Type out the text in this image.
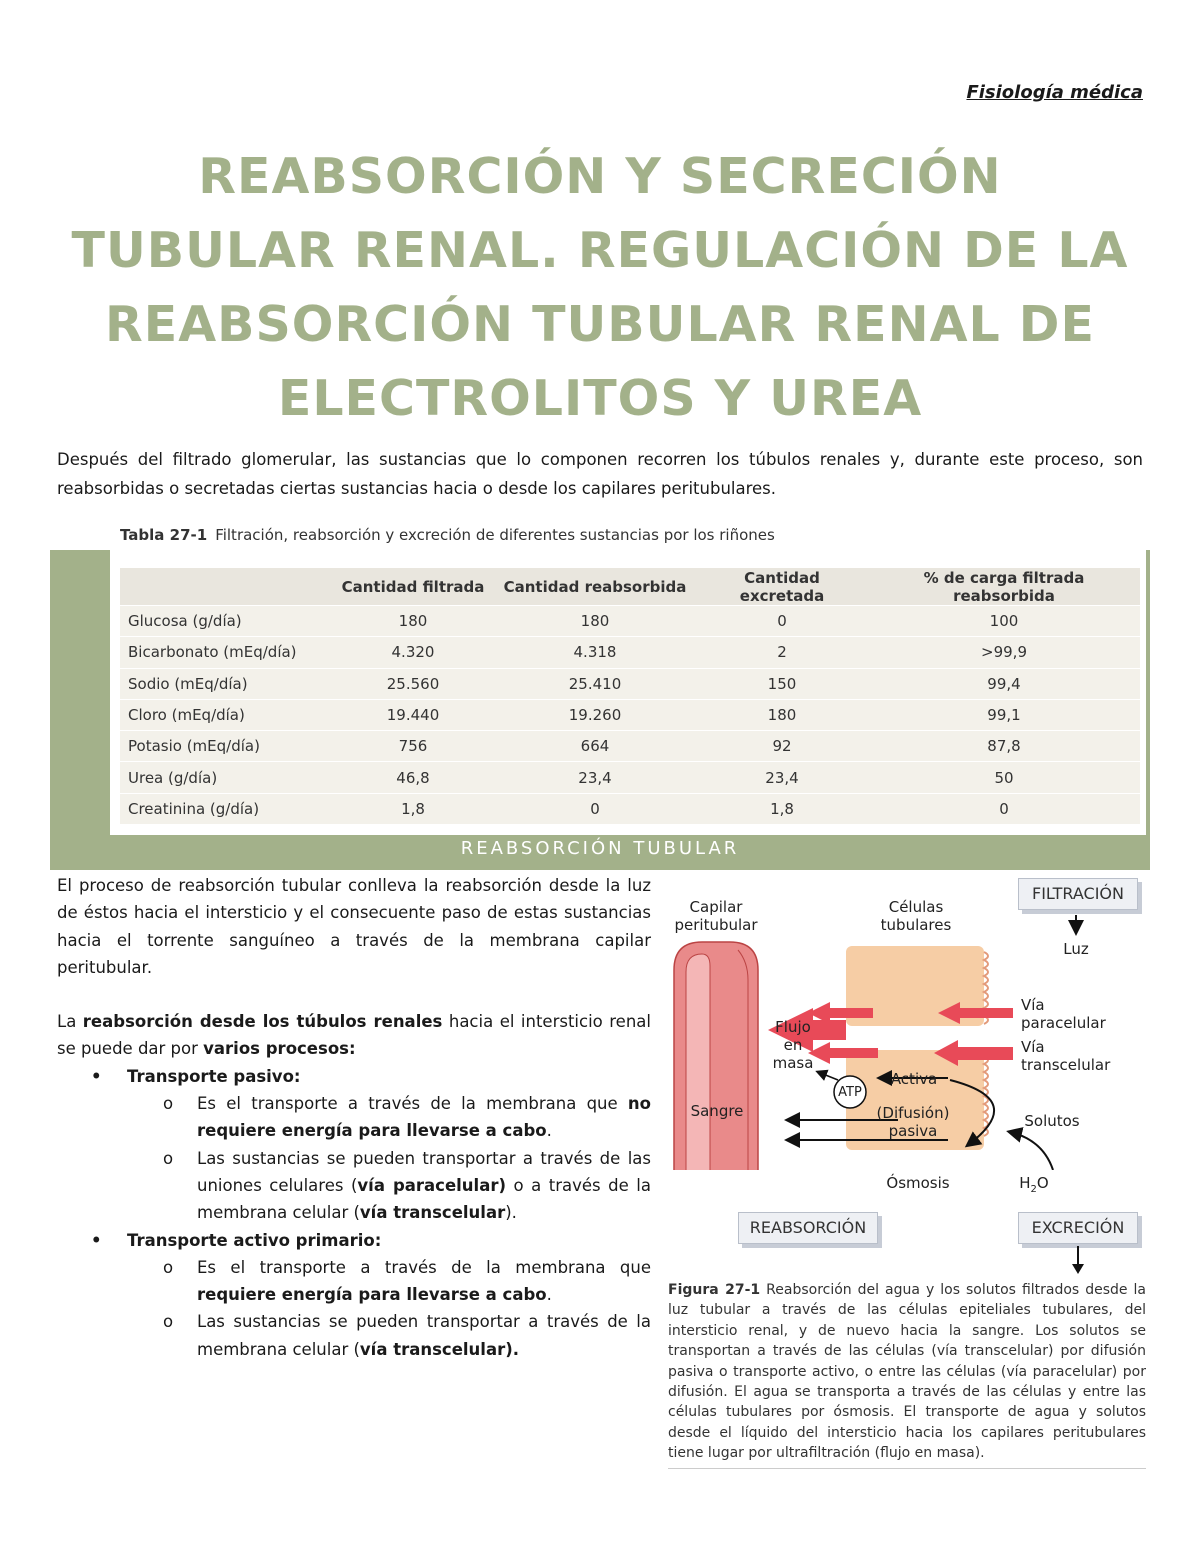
Fisiología médica
REABSORCIÓN Y SECRECIÓN TUBULAR RENAL. REGULACIÓN DE LA REABSORCIÓN TUBULAR RENAL DE ELECTROLITOS Y UREA

Después del filtrado glomerular, las sustancias que lo componen recorren los túbulos renales y, durante este proceso, son reabsorbidas o secretadas ciertas sustancias hacia o desde los capilares peritubulares.

Tabla 27-1 Filtración, reabsorción y excreción de diferentes sustancias por los riñones
	Cantidad filtrada	Cantidad reabsorbida	Cantidad excretada	% de carga filtrada reabsorbida
Glucosa (g/día)	180	180	0	100
Bicarbonato (mEq/día)	4.320	4.318	2	>99,9
Sodio (mEq/día)	25.560	25.410	150	99,4
Cloro (mEq/día)	19.440	19.260	180	99,1
Potasio (mEq/día)	756	664	92	87,8
Urea (g/día)	46,8	23,4	23,4	50
Creatinina (g/día)	1,8	0	1,8	0
REABSORCIÓN TUBULAR

El proceso de reabsorción tubular conlleva la reabsorción desde la luz de éstos hacia el intersticio y el consecuente paso de estas sustancias hacia el torrente sanguíneo a través de la membrana capilar peritubular.

La reabsorción desde los túbulos renales hacia el intersticio renal se puede dar por varios procesos:

• Transporte pasivo:
o Es el transporte a través de la membrana que no requiere energía para llevarse a cabo.
o Las sustancias se pueden transportar a través de las uniones celulares (vía paracelular) o a través de la membrana celular (vía transcelular).
• Transporte activo primario:
o Es el transporte a través de la membrana que requiere energía para llevarse a cabo.
o Las sustancias se pueden transportar a través de la membrana celular (vía transcelular).
Capilar peritubular
Células tubulares
FILTRACIÓN
Luz
Vía paracelular
Vía transcelular
Flujo en masa
ATP
Activa
(Difusión) pasiva
Solutos
Sangre
Ósmosis	$H_2O$
REABSORCIÓN	EXCRECIÓN

Figura 27-1 Reabsorción del agua y los solutos filtrados desde la luz tubular a través de las células epiteliales tubulares, del intersticio renal, y de nuevo hacia la sangre. Los solutos se transportan a través de las células (vía transcelular) por difusión pasiva o transporte activo, o entre las células (vía paracelular) por difusión. El agua se transporta a través de las células y entre las células tubulares por ósmosis. El transporte de agua y solutos desde el líquido del intersticio hacia los capilares peritubulares tiene lugar por ultrafiltración (flujo en masa).
